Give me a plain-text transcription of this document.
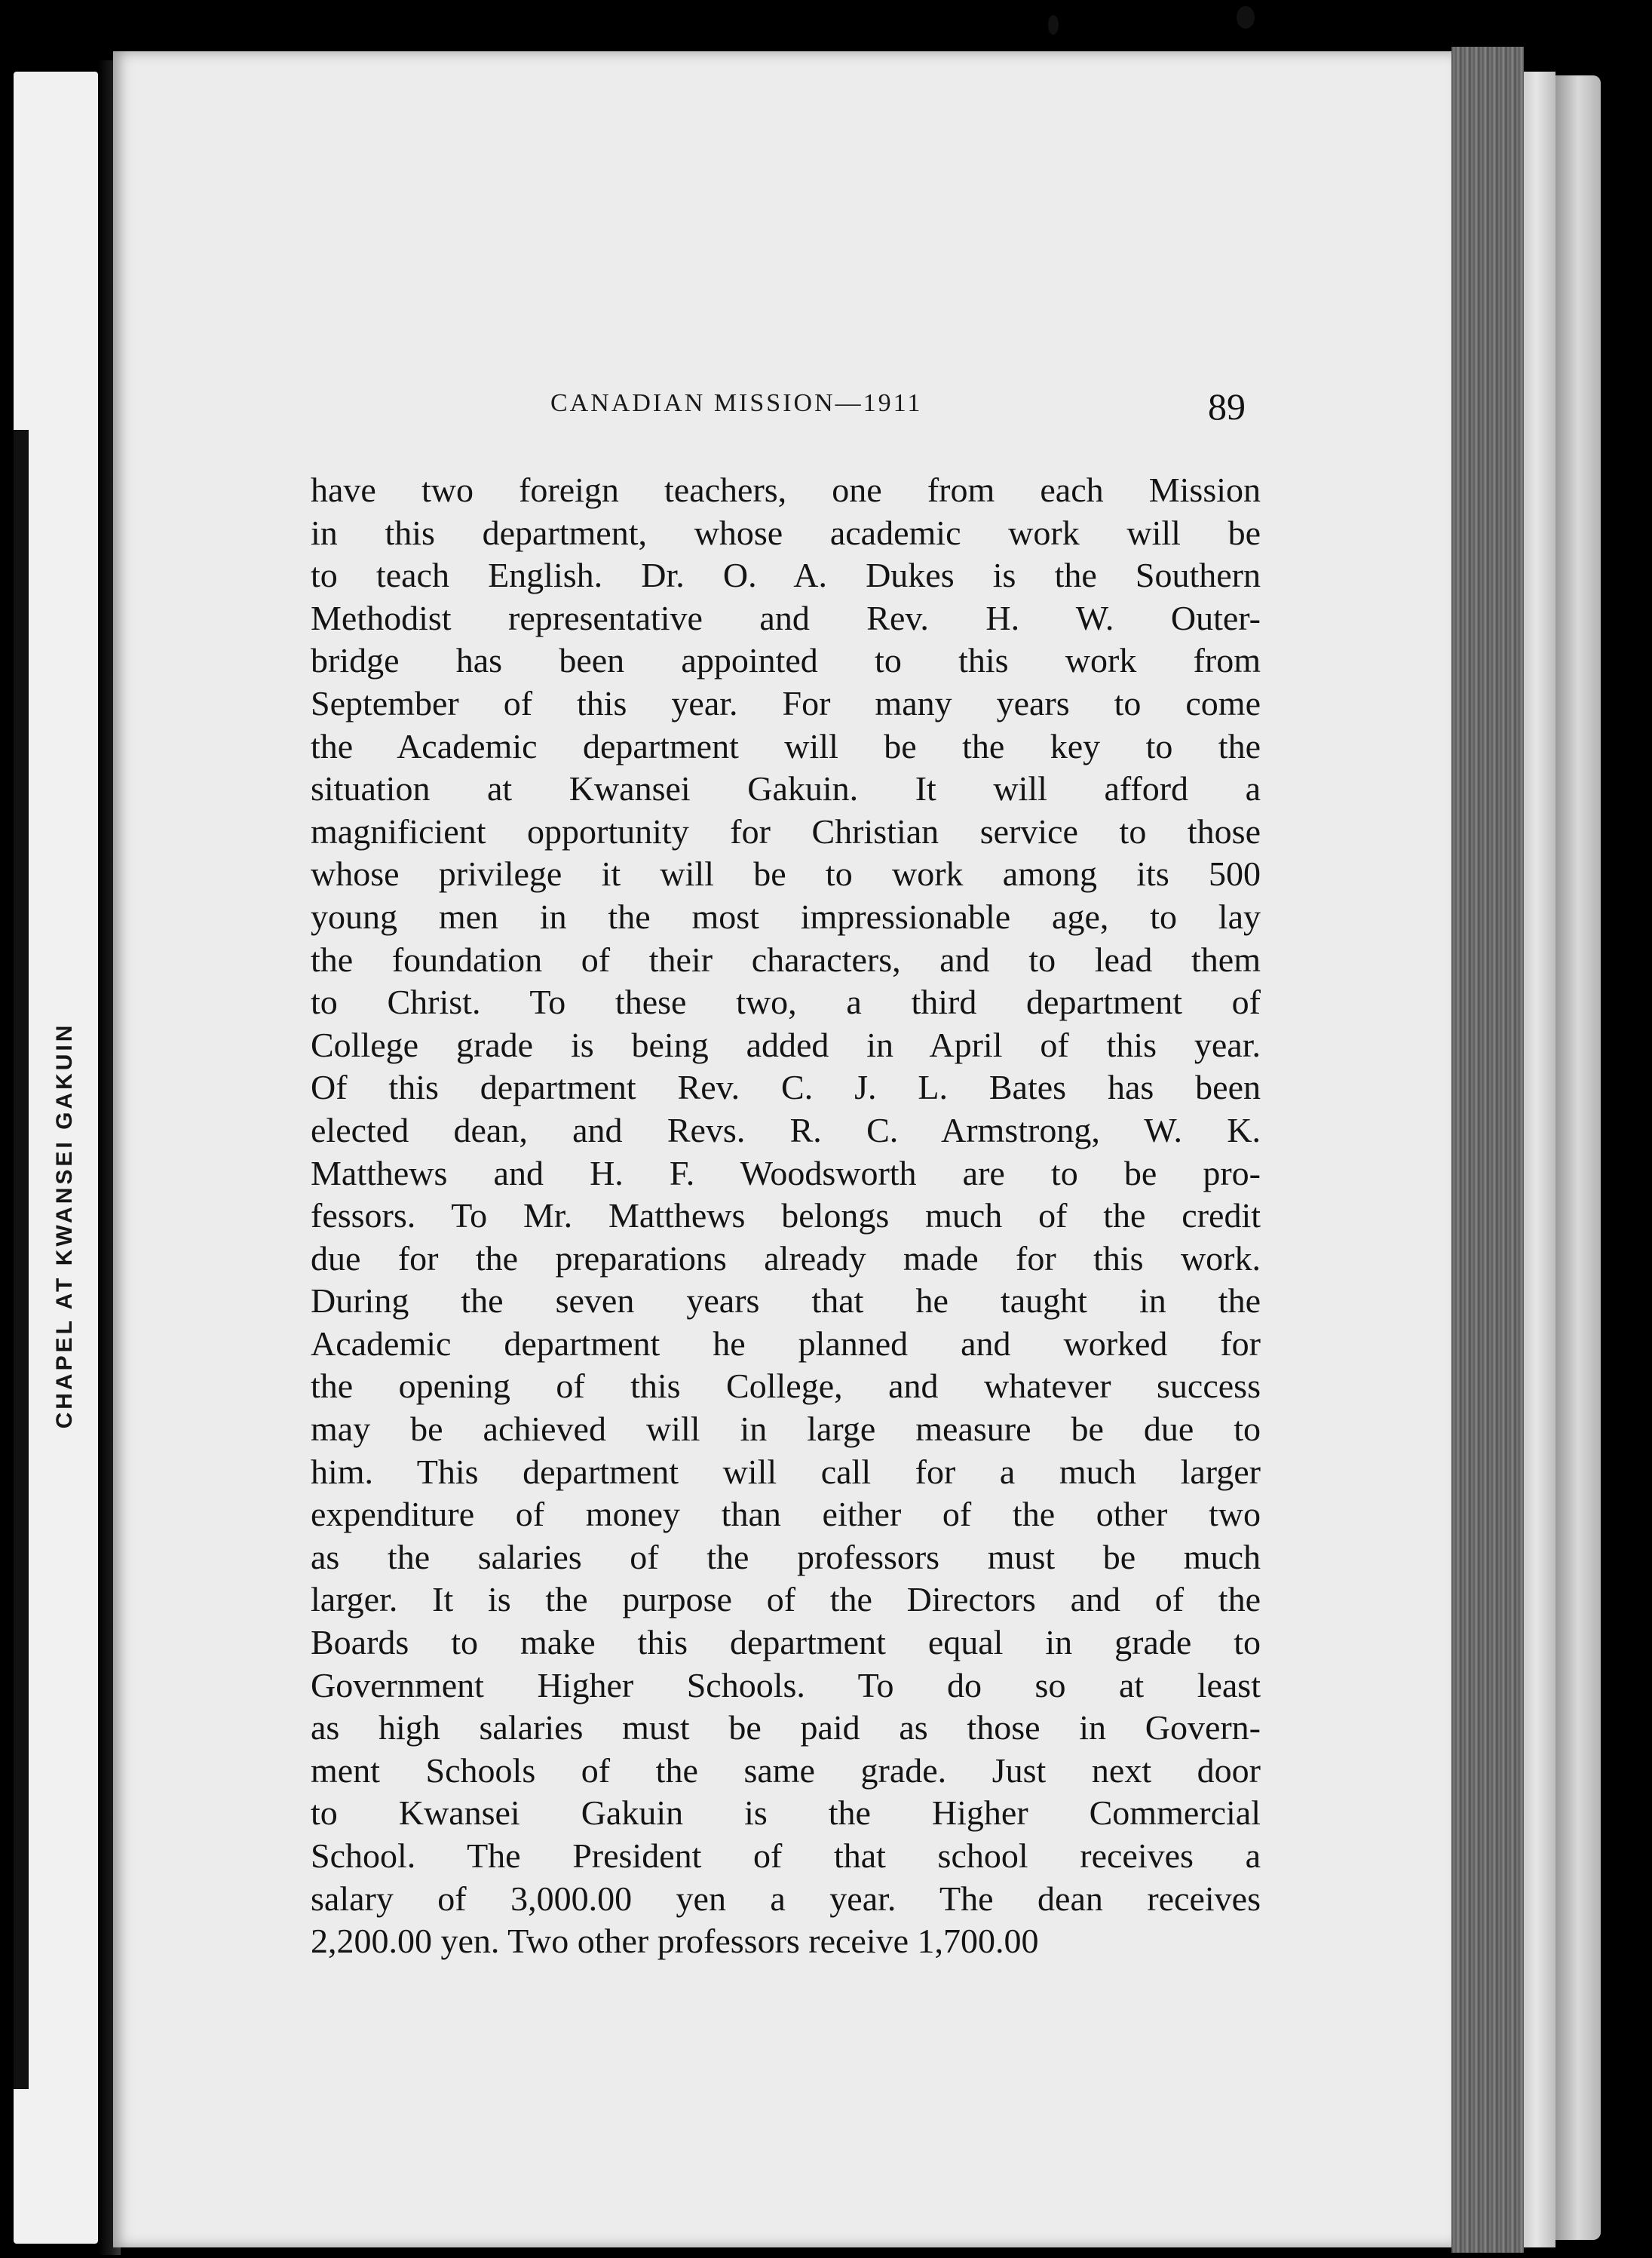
CHAPEL AT KWANSEI GAKUIN
CANADIAN MISSION—1911	89
have two foreign teachers, one from each Mission
in this department, whose academic work will be
to teach English. Dr. O. A. Dukes is the Southern
Methodist representative and Rev. H. W. Outer-
bridge has been appointed to this work from
September of this year. For many years to come
the Academic department will be the key to the
situation at Kwansei Gakuin. It will afford a
magnificient opportunity for Christian service to those
whose privilege it will be to work among its 500
young men in the most impressionable age, to lay
the foundation of their characters, and to lead them
to Christ. To these two, a third department of
College grade is being added in April of this year.
Of this department Rev. C. J. L. Bates has been
elected dean, and Revs. R. C. Armstrong, W. K.
Matthews and H. F. Woodsworth are to be pro-
fessors. To Mr. Matthews belongs much of the credit
due for the preparations already made for this work.
During the seven years that he taught in the
Academic department he planned and worked for
the opening of this College, and whatever success
may be achieved will in large measure be due to
him. This department will call for a much larger
expenditure of money than either of the other two
as the salaries of the professors must be much
larger. It is the purpose of the Directors and of the
Boards to make this department equal in grade to
Government Higher Schools. To do so at least
as high salaries must be paid as those in Govern-
ment Schools of the same grade. Just next door
to Kwansei Gakuin is the Higher Commercial
School. The President of that school receives a
salary of 3,000.00 yen a year. The dean receives
2,200.00 yen. Two other professors receive 1,700.00
